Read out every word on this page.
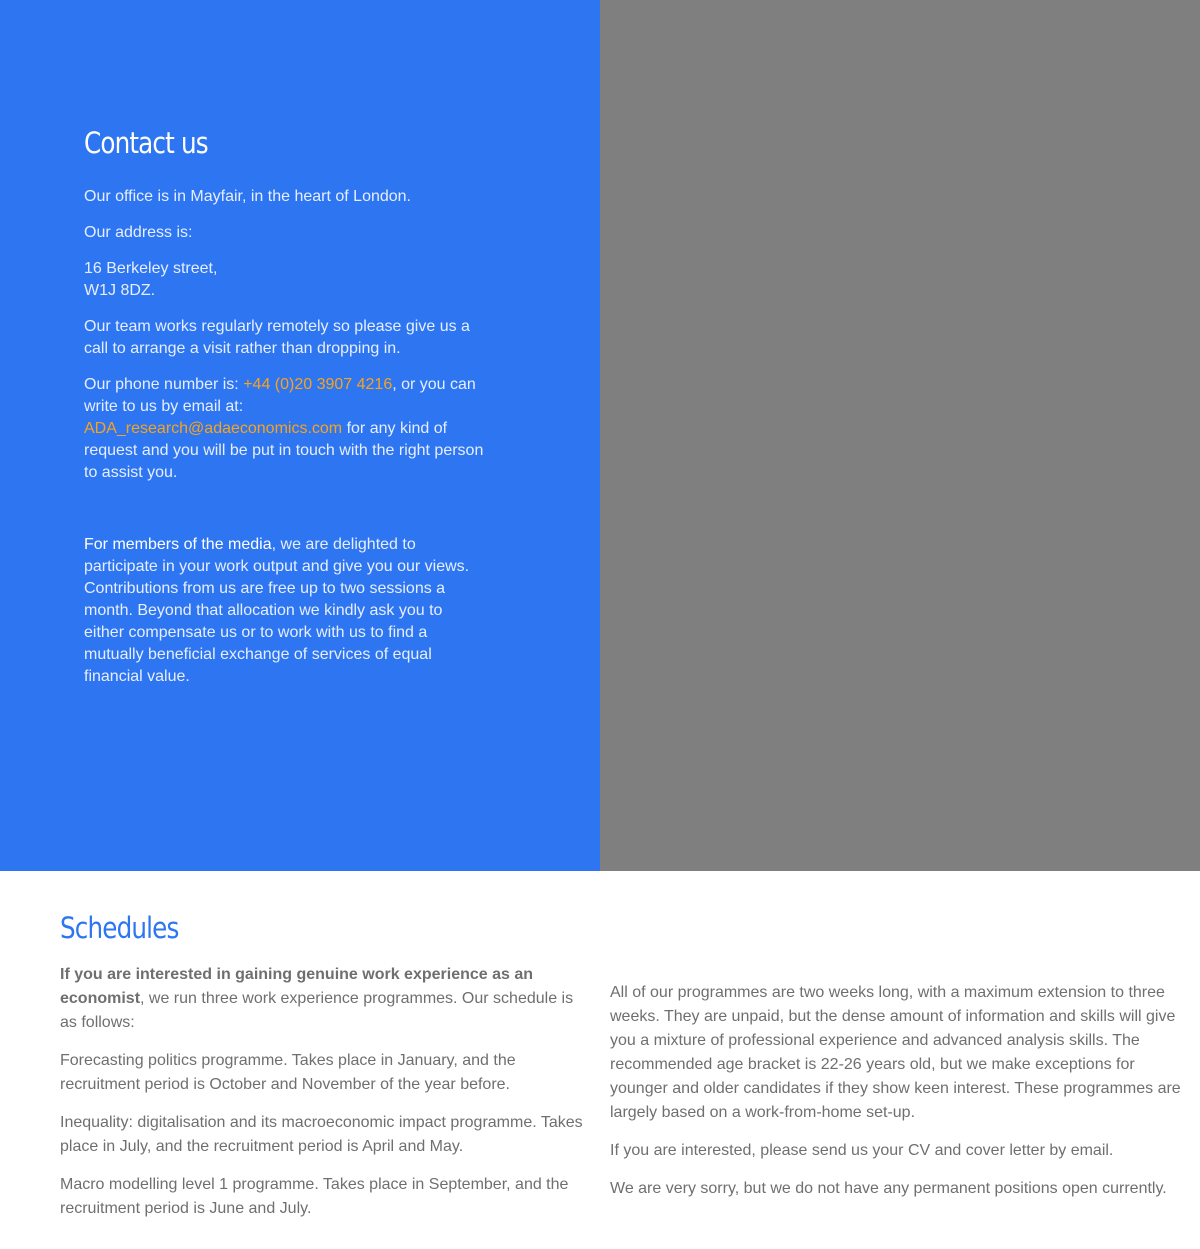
Contact us

Our office is in Mayfair, in the heart of London.

Our address is:

16 Berkeley street,
W1J 8DZ.

Our team works regularly remotely so please give us a call to arrange a visit rather than dropping in.

Our phone number is: +44 (0)20 3907 4216, or you can write to us by email at: ADA_research@adaeconomics.com for any kind of request and you will be put in touch with the right person to assist you.

For members of the media, we are delighted to participate in your work output and give you our views. Contributions from us are free up to two sessions a month. Beyond that allocation we kindly ask you to either compensate us or to work with us to find a mutually beneficial exchange of services of equal financial value.

Schedules

If you are interested in gaining genuine work experience as an economist, we run three work experience programmes. Our schedule is as follows:

Forecasting politics programme. Takes place in January, and the recruitment period is October and November of the year before.

Inequality: digitalisation and its macroeconomic impact programme. Takes place in July, and the recruitment period is April and May.

Macro modelling level 1 programme. Takes place in September, and the recruitment period is June and July.

All of our programmes are two weeks long, with a maximum extension to three weeks. They are unpaid, but the dense amount of information and skills will give you a mixture of professional experience and advanced analysis skills. The recommended age bracket is 22-26 years old, but we make exceptions for younger and older candidates if they show keen interest. These programmes are largely based on a work-from-home set-up.

If you are interested, please send us your CV and cover letter by email.

We are very sorry, but we do not have any permanent positions open currently.
